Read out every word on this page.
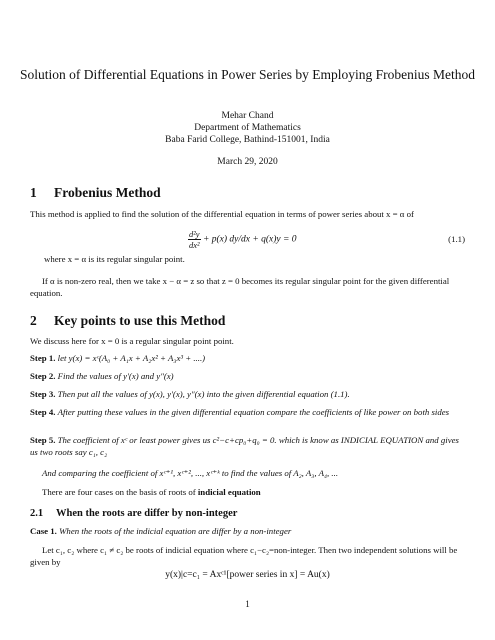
Solution of Differential Equations in Power Series by Employing Frobenius Method
Mehar Chand
Department of Mathematics
Baba Farid College, Bathind-151001, India
March 29, 2020
1 Frobenius Method
This method is applied to find the solution of the differential equation in terms of power series about x = α of
$\frac{\text{d²y}}{\text{dx²}} + p(x) dy/dx + q(x)y = 0$	(1.1)
where x = α is its regular singular point.
If α is non-zero real, then we take x − α = z so that z = 0 becomes its regular singular point for the given differential equation.
2 Key points to use this Method
We discuss here for x = 0 is a regular singular point point.
Step 1. let y(x) = xᶜ(A₀ + A₁x + A₂x² + A₃x³ + ....)
Step 2. Find the values of y′(x) and y″(x)
Step 3. Then put all the values of y(x), y′(x), y″(x) into the given differential equation (1.1).
Step 4. After putting these values in the given differential equation compare the coefficients of like power on both sides
Step 5. The coefficient of xᶜ or least power gives us c²−c+cp₀+q₀ = 0. which is know as INDICIAL EQUATION and gives us two roots say c₁, c₂
And comparing the coefficient of xᶜ⁺¹, xᶜ⁺², ..., xᶜ⁺ᵏ to find the values of A₂, A₃, A₄, ...
There are four cases on the basis of roots of indicial equation
2.1 When the roots are differ by non-integer
Case 1. When the roots of the indicial equation are differ by a non-integer
Let c₁, c₂ where c₁ ≠ c₂ be roots of indicial equation where c₁−c₂=non-integer. Then two independent solutions will be given by
y(x)|c=c₁ = Axᶜ¹[power series in x] = Au(x)
1
